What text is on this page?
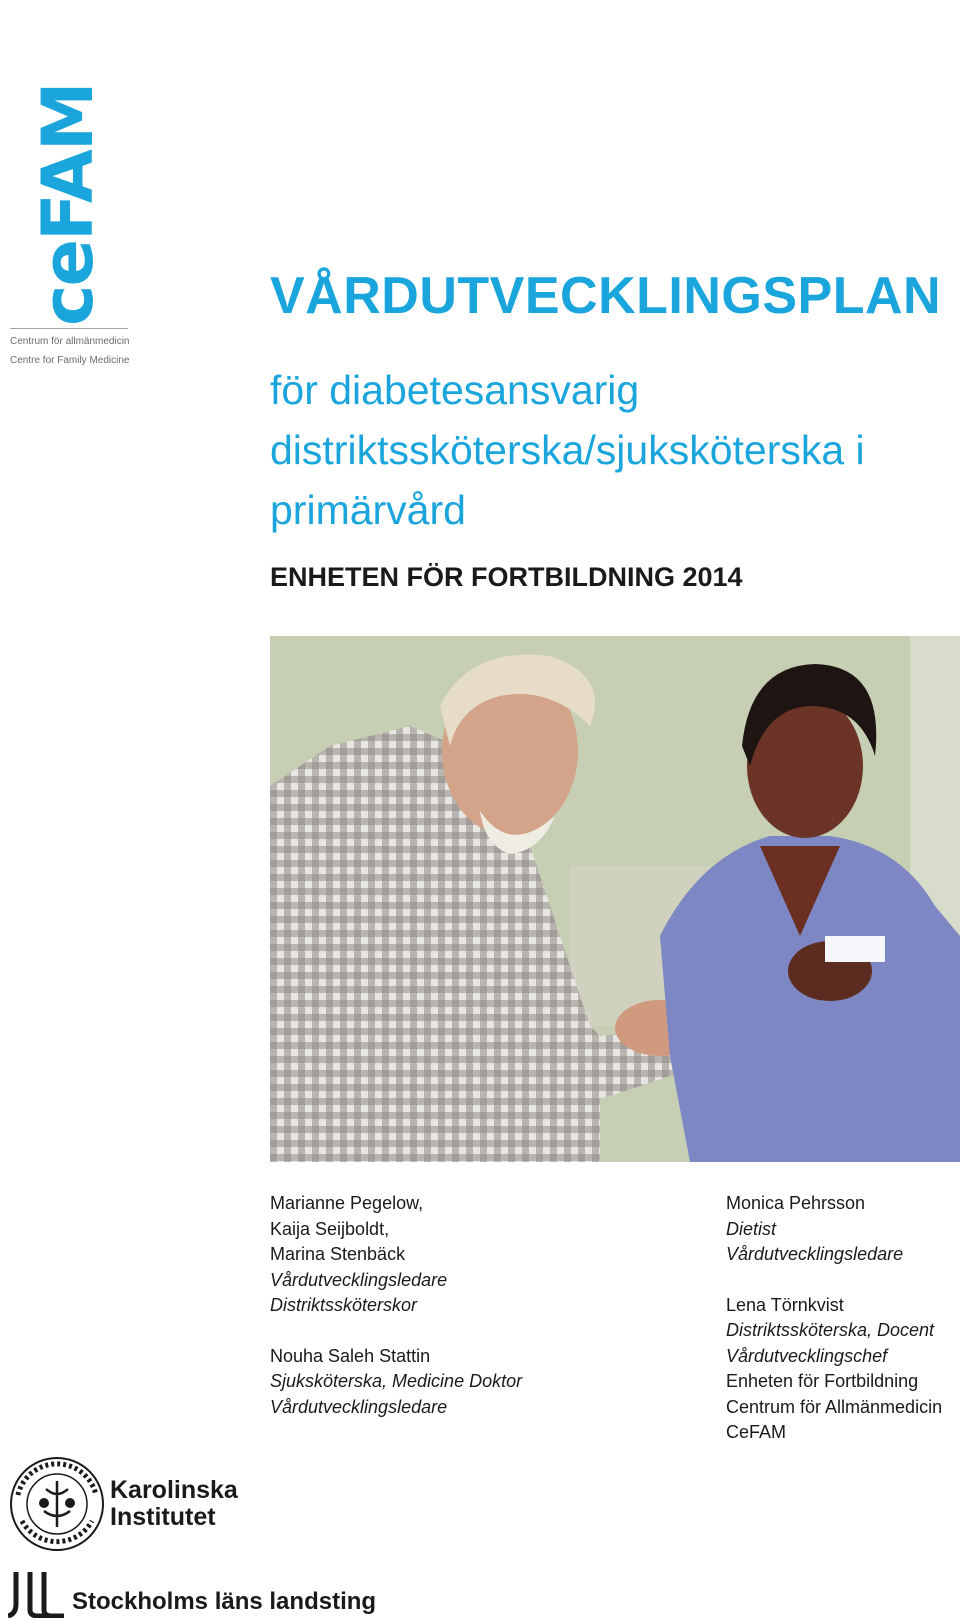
ceFAM
Centrum för allmänmedicin
Centre for Family Medicine
VÅRDUTVECKLINGSPLAN

för diabetesansvarig distriktssköterska/sjuksköterska i primärvård

ENHETEN FÖR FORTBILDNING 2014

Marianne Pegelow,
Kaija Seijboldt,
Marina Stenbäck
Vårdutvecklingsledare
Distriktssköterskor
Nouha Saleh Stattin
Sjuksköterska, Medicine Doktor
Vårdutvecklingsledare
Monica Pehrsson
Dietist
Vårdutvecklingsledare
Lena Törnkvist
Distriktssköterska, Docent
Vårdutvecklingschef
Enheten för Fortbildning
Centrum för Allmänmedicin
CeFAM
Karolinska
Institutet
Stockholms läns landsting
